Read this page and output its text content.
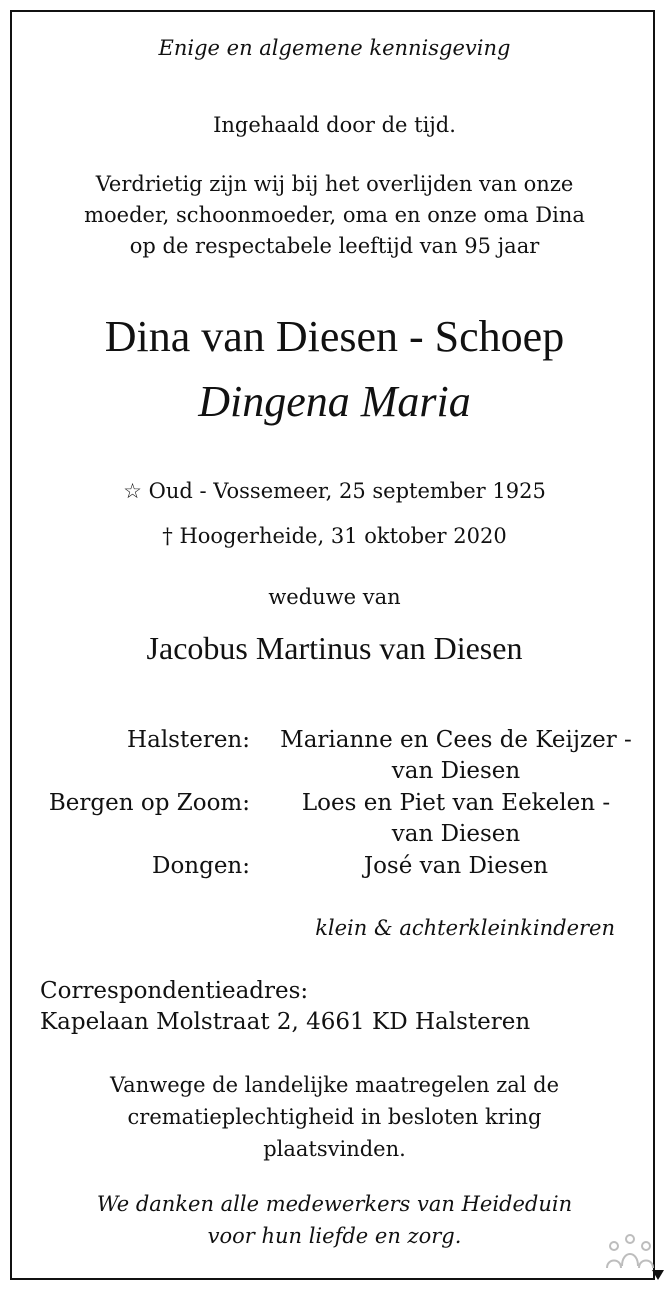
Enige en algemene kennisgeving
Ingehaald door de tijd.
Verdrietig zijn wij bij het overlijden van onze
moeder, schoonmoeder, oma en onze oma Dina
op de respectabele leeftijd van 95 jaar
Dina van Diesen - Schoep
Dingena Maria
☆ Oud - Vossemeer, 25 september 1925
† Hoogerheide, 31 oktober 2020
weduwe van
Jacobus Martinus van Diesen
Halsteren:	Marianne en Cees de Keijzer -
van Diesen
Bergen op Zoom:	Loes en Piet van Eekelen -
van Diesen
Dongen:	José van Diesen
klein & achterkleinkinderen
Correspondentieadres:
Kapelaan Molstraat 2, 4661 KD Halsteren
Vanwege de landelijke maatregelen zal de
crematieplechtigheid in besloten kring
plaatsvinden.
We danken alle medewerkers van Heideduin
voor hun liefde en zorg.
